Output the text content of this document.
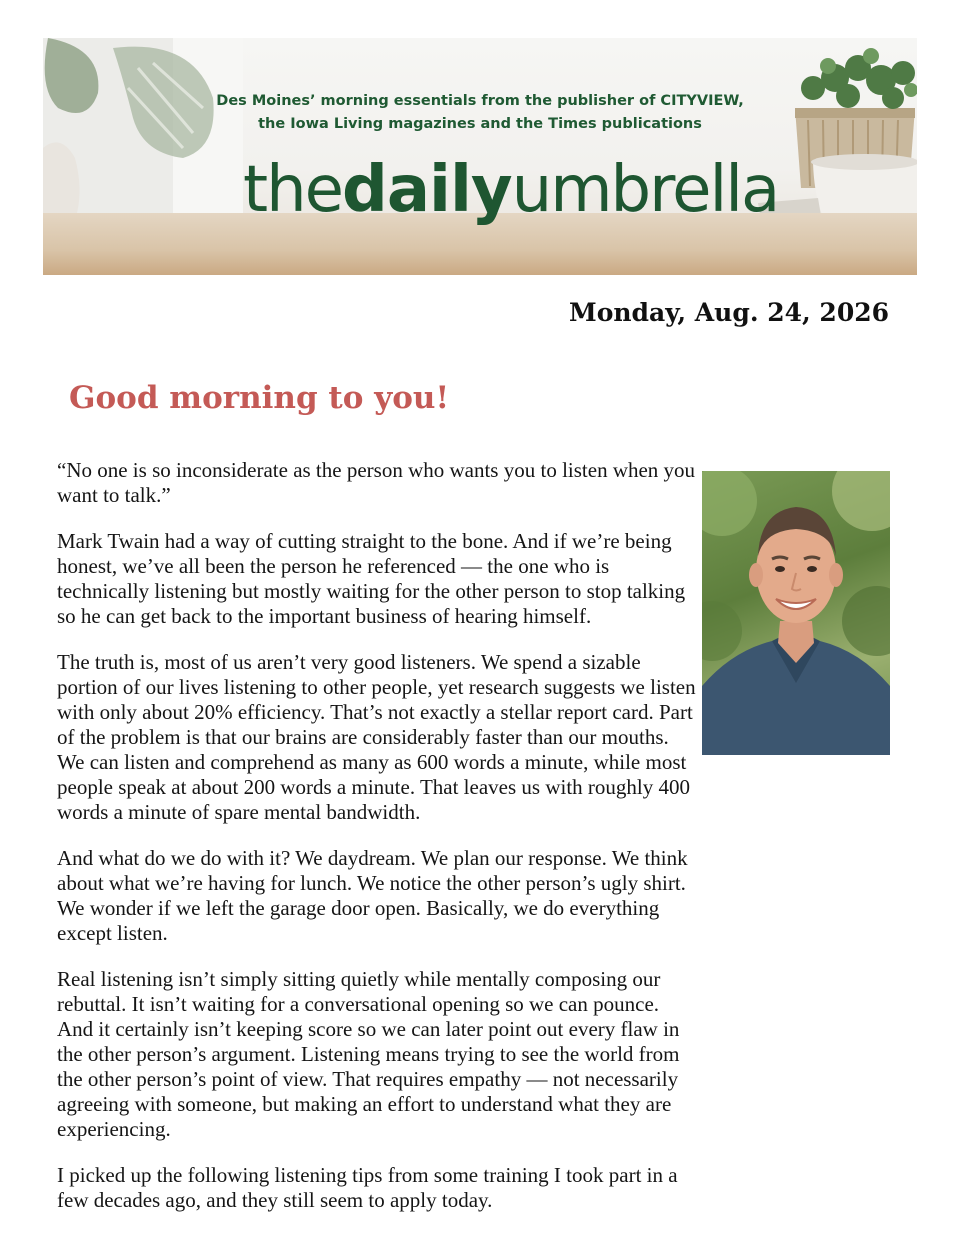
Des Moines’ morning essentials from the publisher of CITYVIEW,
the Iowa Living magazines and the Times publications
thedailyumbrella
Monday, Aug. 24, 2026
Good morning to you!

“No one is so inconsiderate as the person who wants you to listen when you want to talk.”

Mark Twain had a way of cutting straight to the bone. And if we’re being honest, we’ve all been the person he referenced — the one who is technically listening but mostly waiting for the other person to stop talking so he can get back to the important business of hearing himself.

The truth is, most of us aren’t very good listeners. We spend a sizable portion of our lives listening to other people, yet research suggests we listen with only about 20% efficiency. That’s not exactly a stellar report card. Part of the problem is that our brains are considerably faster than our mouths. We can listen and comprehend as many as 600 words a minute, while most people speak at about 200 words a minute. That leaves us with roughly 400 words a minute of spare mental bandwidth.

And what do we do with it? We daydream. We plan our response. We think about what we’re having for lunch. We notice the other person’s ugly shirt. We wonder if we left the garage door open. Basically, we do everything except listen.

Real listening isn’t simply sitting quietly while mentally composing our rebuttal. It isn’t waiting for a conversational opening so we can pounce. And it certainly isn’t keeping score so we can later point out every flaw in the other person’s argument. Listening means trying to see the world from the other person’s point of view. That requires empathy — not necessarily agreeing with someone, but making an effort to understand what they are experiencing.

I picked up the following listening tips from some training I took part in a few decades ago, and they still seem to apply today.
